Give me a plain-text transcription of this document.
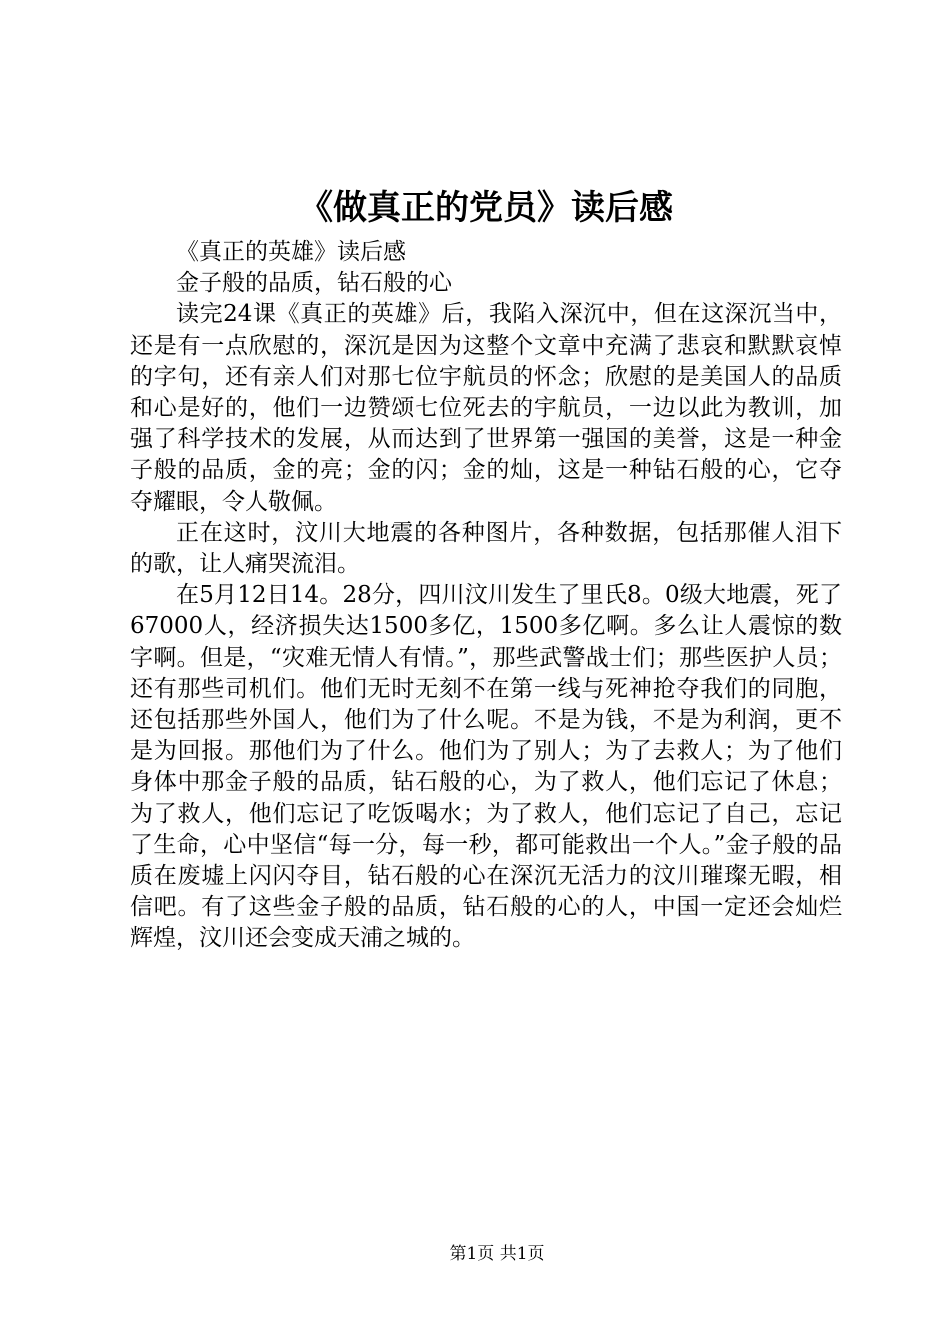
《做真正的党员》读后感

《真正的英雄》读后感

金子般的品质，钻石般的心

读完24课《真正的英雄》后，我陷入深沉中，但在这深沉当中，还是有一点欣慰的，深沉是因为这整个文章中充满了悲哀和默默哀悼的字句，还有亲人们对那七位宇航员的怀念；欣慰的是美国人的品质和心是好的，他们一边赞颂七位死去的宇航员，一边以此为教训，加强了科学技术的发展，从而达到了世界第一强国的美誉，这是一种金子般的品质，金的亮；金的闪；金的灿，这是一种钻石般的心，它夺夺耀眼，令人敬佩。

正在这时，汶川大地震的各种图片，各种数据，包括那催人泪下的歌，让人痛哭流泪。

在5月12日14。28分，四川汶川发生了里氏8。0级大地震，死了67000人，经济损失达1500多亿，1500多亿啊。多么让人震惊的数字啊。但是，“灾难无情人有情。”，那些武警战士们；那些医护人员；还有那些司机们。他们无时无刻不在第一线与死神抢夺我们的同胞，还包括那些外国人，他们为了什么呢。不是为钱，不是为利润，更不是为回报。那他们为了什么。他们为了别人；为了去救人；为了他们身体中那金子般的品质，钻石般的心，为了救人，他们忘记了休息；为了救人，他们忘记了吃饭喝水；为了救人，他们忘记了自己，忘记了生命，心中坚信“每一分，每一秒，都可能救出一个人。”金子般的品质在废墟上闪闪夺目，钻石般的心在深沉无活力的汶川璀璨无暇，相信吧。有了这些金子般的品质，钻石般的心的人，中国一定还会灿烂辉煌，汶川还会变成天浦之城的。

第1页 共1页
